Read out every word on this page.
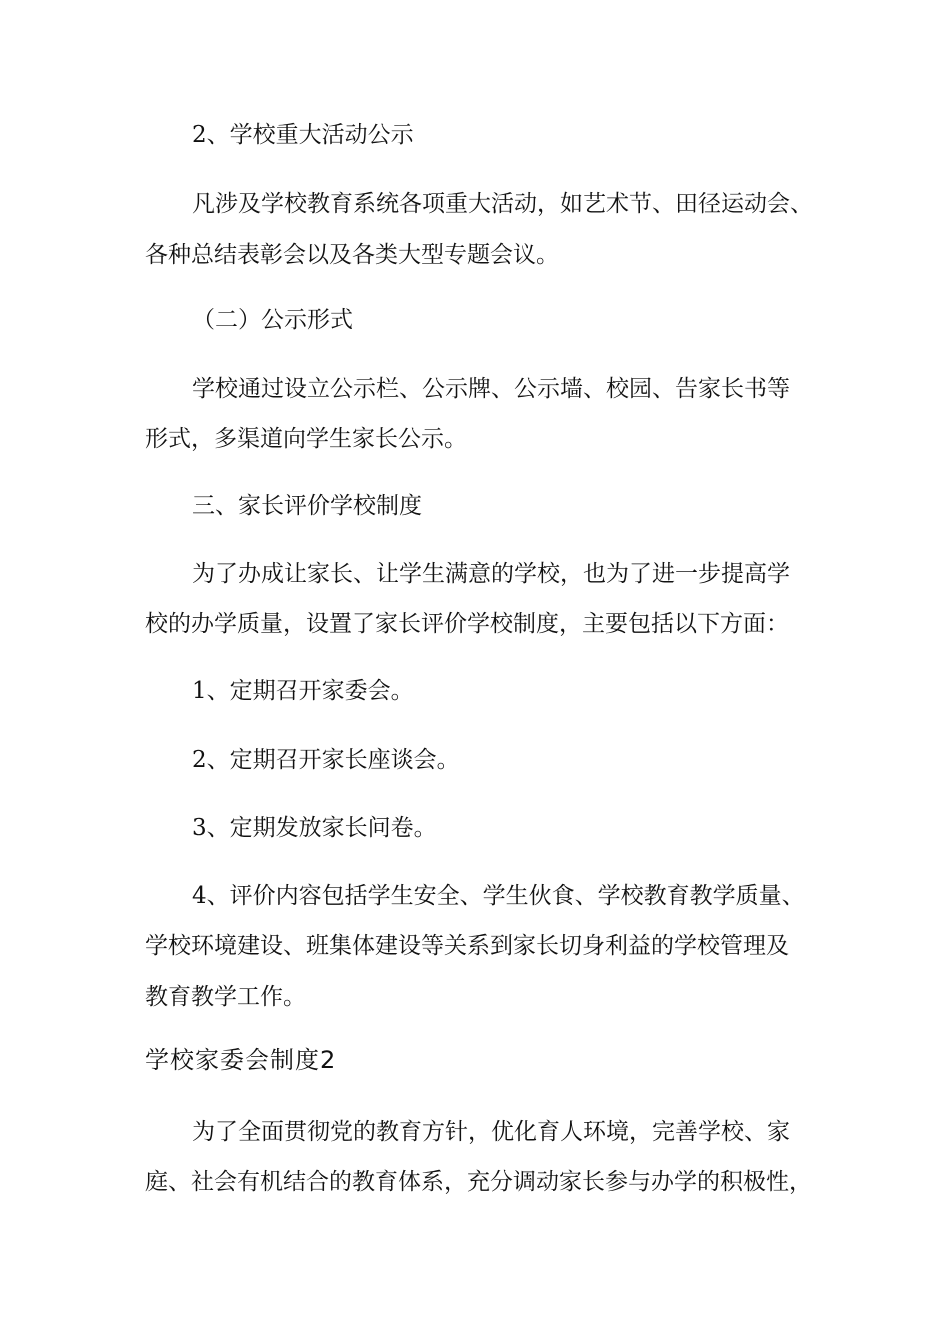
2、学校重大活动公示
凡涉及学校教育系统各项重大活动，如艺术节、田径运动会、
各种总结表彰会以及各类大型专题会议。
（二）公示形式
学校通过设立公示栏、公示牌、公示墙、校园、告家长书等
形式，多渠道向学生家长公示。
三、家长评价学校制度
为了办成让家长、让学生满意的学校，也为了进一步提高学
校的办学质量，设置了家长评价学校制度，主要包括以下方面：
1、定期召开家委会。
2、定期召开家长座谈会。
3、定期发放家长问卷。
4、评价内容包括学生安全、学生伙食、学校教育教学质量、
学校环境建设、班集体建设等关系到家长切身利益的学校管理及
教育教学工作。
学校家委会制度2
为了全面贯彻党的教育方针，优化育人环境，完善学校、家
庭、社会有机结合的教育体系，充分调动家长参与办学的积极性，
